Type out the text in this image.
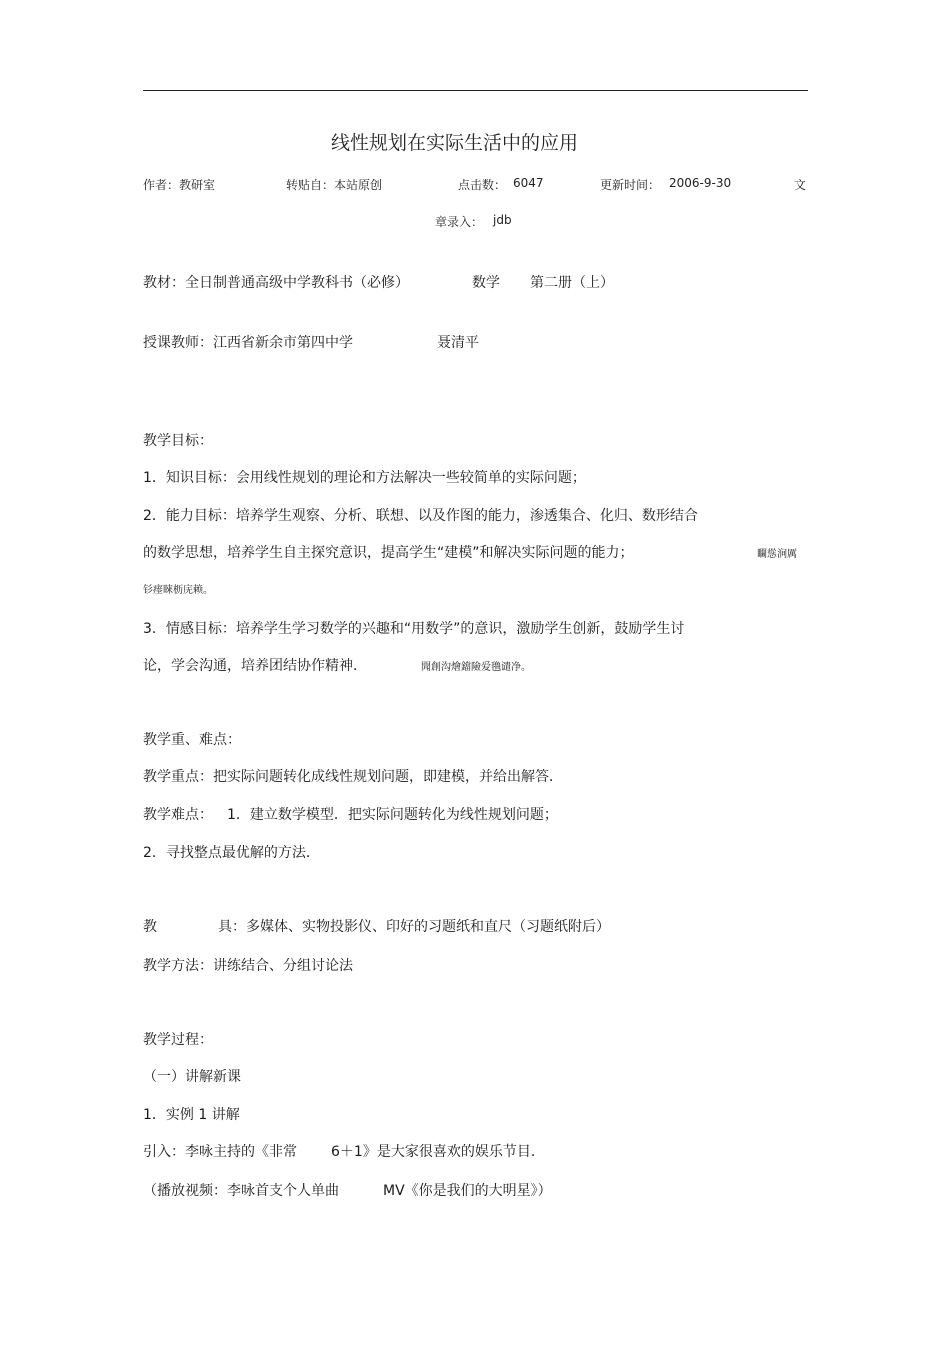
线性规划在实际生活中的应用
作者：教研室	转贴自：本站原创	点击数： 6047	更新时间： 2006-9-30	文
章录入： jdb
教材：全日制普通高级中学教科书（必修）	数学 第二册（上）
授课教师：江西省新余市第四中学	聂清平
教学目标：
1．知识目标：会用线性规划的理论和方法解决一些较简单的实际问题；
2．能力目标：培养学生观察、分析、联想、以及作图的能力，渗透集合、化归、数形结合
的数学思想，培养学生自主探究意识，提高学生“建模”和解决实际问题的能力；	矙慫涧厲
钐瘗睞枥庑赖。
3．情感目标：培养学生学习数学的兴趣和“用数学”的意识，激励学生创新，鼓励学生讨
论，学会沟通，培养团结协作精神．	聞創沟燴鐺險爱氇谴净。
教学重、难点：
教学重点：把实际问题转化成线性规划问题，即建模，并给出解答．
教学难点： 1．建立数学模型．把实际问题转化为线性规划问题；
2．寻找整点最优解的方法．
教	具：多媒体、实物投影仪、印好的习题纸和直尺（习题纸附后）
教学方法：讲练结合、分组讨论法
教学过程：
（一）讲解新课
1．实例 1 讲解
引入：李咏主持的《非常 6＋1》是大家很喜欢的娱乐节目．
（播放视频：李咏首支个人单曲	MV《你是我们的大明星》）
